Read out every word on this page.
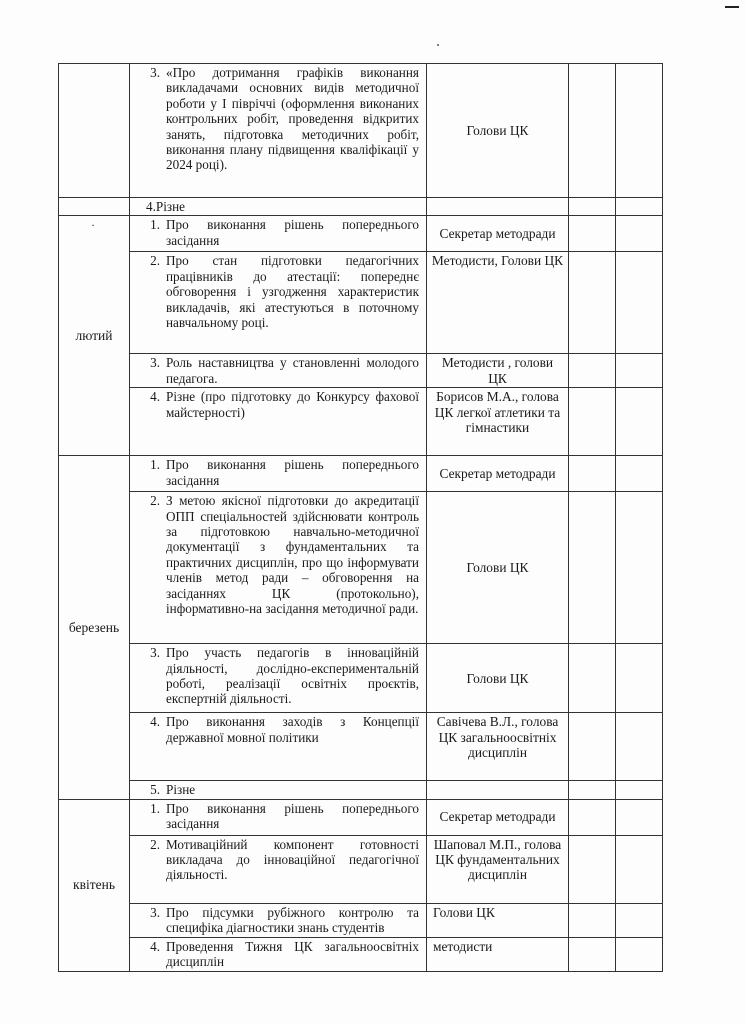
	3. «Про дотримання графіків виконання викладачами основних видів методичної роботи у I півріччі (оформлення виконаних контрольних робіт, проведення відкритих занять, підготовка методичних робіт, виконання плану підвищення кваліфікації у 2024 році).	Голови ЦК		

	4.Різне			

·
лютий	1. Про виконання рішень попереднього засідання	Секретар методради		

	2. Про стан підготовки педагогічних працівників до атестації: попереднє обговорення і узгодження характеристик викладачів, які атестуються в поточному навчальному році.	Методисти, Голови ЦК		

	3. Роль наставництва у становленні молодого педагога.	Методисти , голови ЦК		

	4. Різне (про підготовку до Конкурсу фахової майстерності)	Борисов М.А., голова ЦК легкої атлетики та гімнастики		
березень	1. Про виконання рішень попереднього засідання	Секретар методради		

	2. З метою якісної підготовки до акредитації ОПП спеціальностей здійснювати контроль за підготовкою навчально-методичної документації з фундаментальних та практичних дисциплін, про що інформувати членів метод ради – обговорення на засіданнях ЦК (протокольно), інформативно-на засідання методичної ради.	Голови ЦК		

	3. Про участь педагогів в інноваційній діяльності, дослідно-експериментальній роботі, реалізації освітніх проєктів, експертній діяльності.	Голови ЦК		

	4. Про виконання заходів з Концепції державної мовної політики	Савічева В.Л., голова ЦК загальноосвітніх дисциплін		

	5. Різне			

квітень	1. Про виконання рішень попереднього засідання	Секретар методради		

	2. Мотиваційний компонент готовності викладача до інноваційної педагогічної діяльності.	Шаповал М.П., голова ЦК фундаментальних дисциплін		

	3. Про підсумки рубіжного контролю та специфіка діагностики знань студентів	Голови ЦК		

	4. Проведення Тижня ЦК загальноосвітніх дисциплін	методисти		
